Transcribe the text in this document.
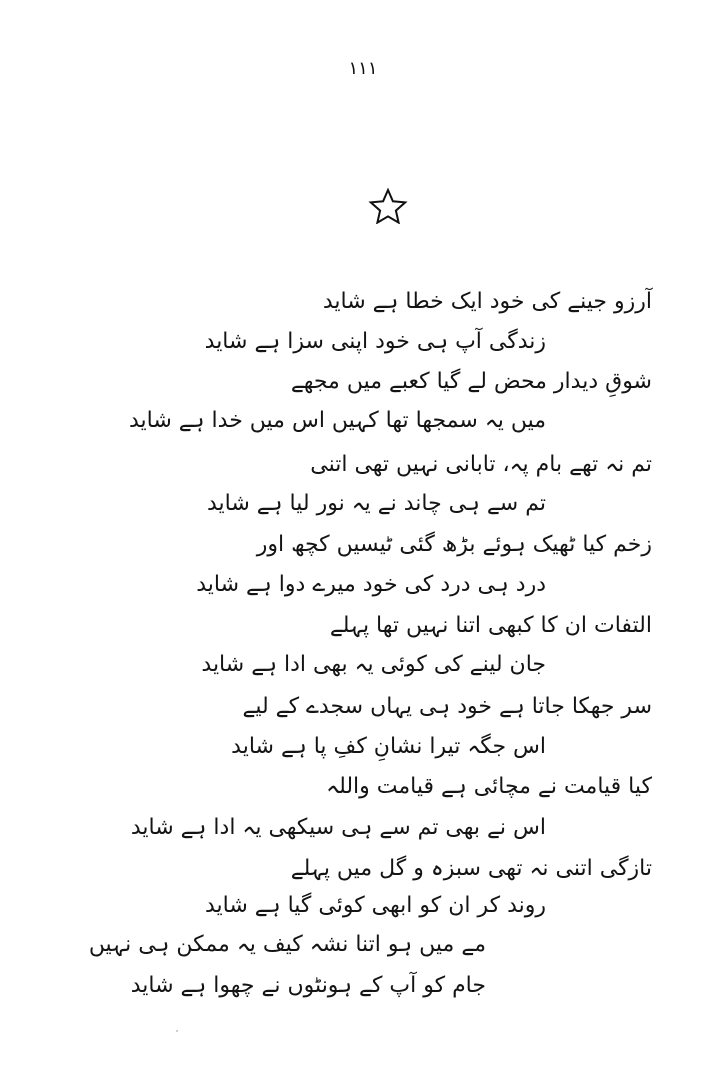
۱۱۱
آرزو جینے کی خود ایک خطا ہے شاید
زندگی آپ ہی خود اپنی سزا ہے شاید
شوقِ دیدار محض لے گیا کعبے میں مجھے
میں یہ سمجھا تھا کہیں اس میں خدا ہے شاید
تم نہ تھے بام پہ، تابانی نہیں تھی اتنی
تم سے ہی چاند نے یہ نور لیا ہے شاید
زخم کیا ٹھیک ہوئے بڑھ گئی ٹیسیں کچھ اور
درد ہی درد کی خود میرے دوا ہے شاید
التفات ان کا کبھی اتنا نہیں تھا پہلے
جان لینے کی کوئی یہ بھی ادا ہے شاید
سر جھکا جاتا ہے خود ہی یہاں سجدے کے لیے
اس جگہ تیرا نشانِ کفِ پا ہے شاید
کیا قیامت نے مچائی ہے قیامت واللہ
اس نے بھی تم سے ہی سیکھی یہ ادا ہے شاید
تازگی اتنی نہ تھی سبزہ و گل میں پہلے
روند کر ان کو ابھی کوئی گیا ہے شاید
مے میں ہو اتنا نشہ کیف یہ ممکن ہی نہیں
جام کو آپ کے ہونٹوں نے چھوا ہے شاید
